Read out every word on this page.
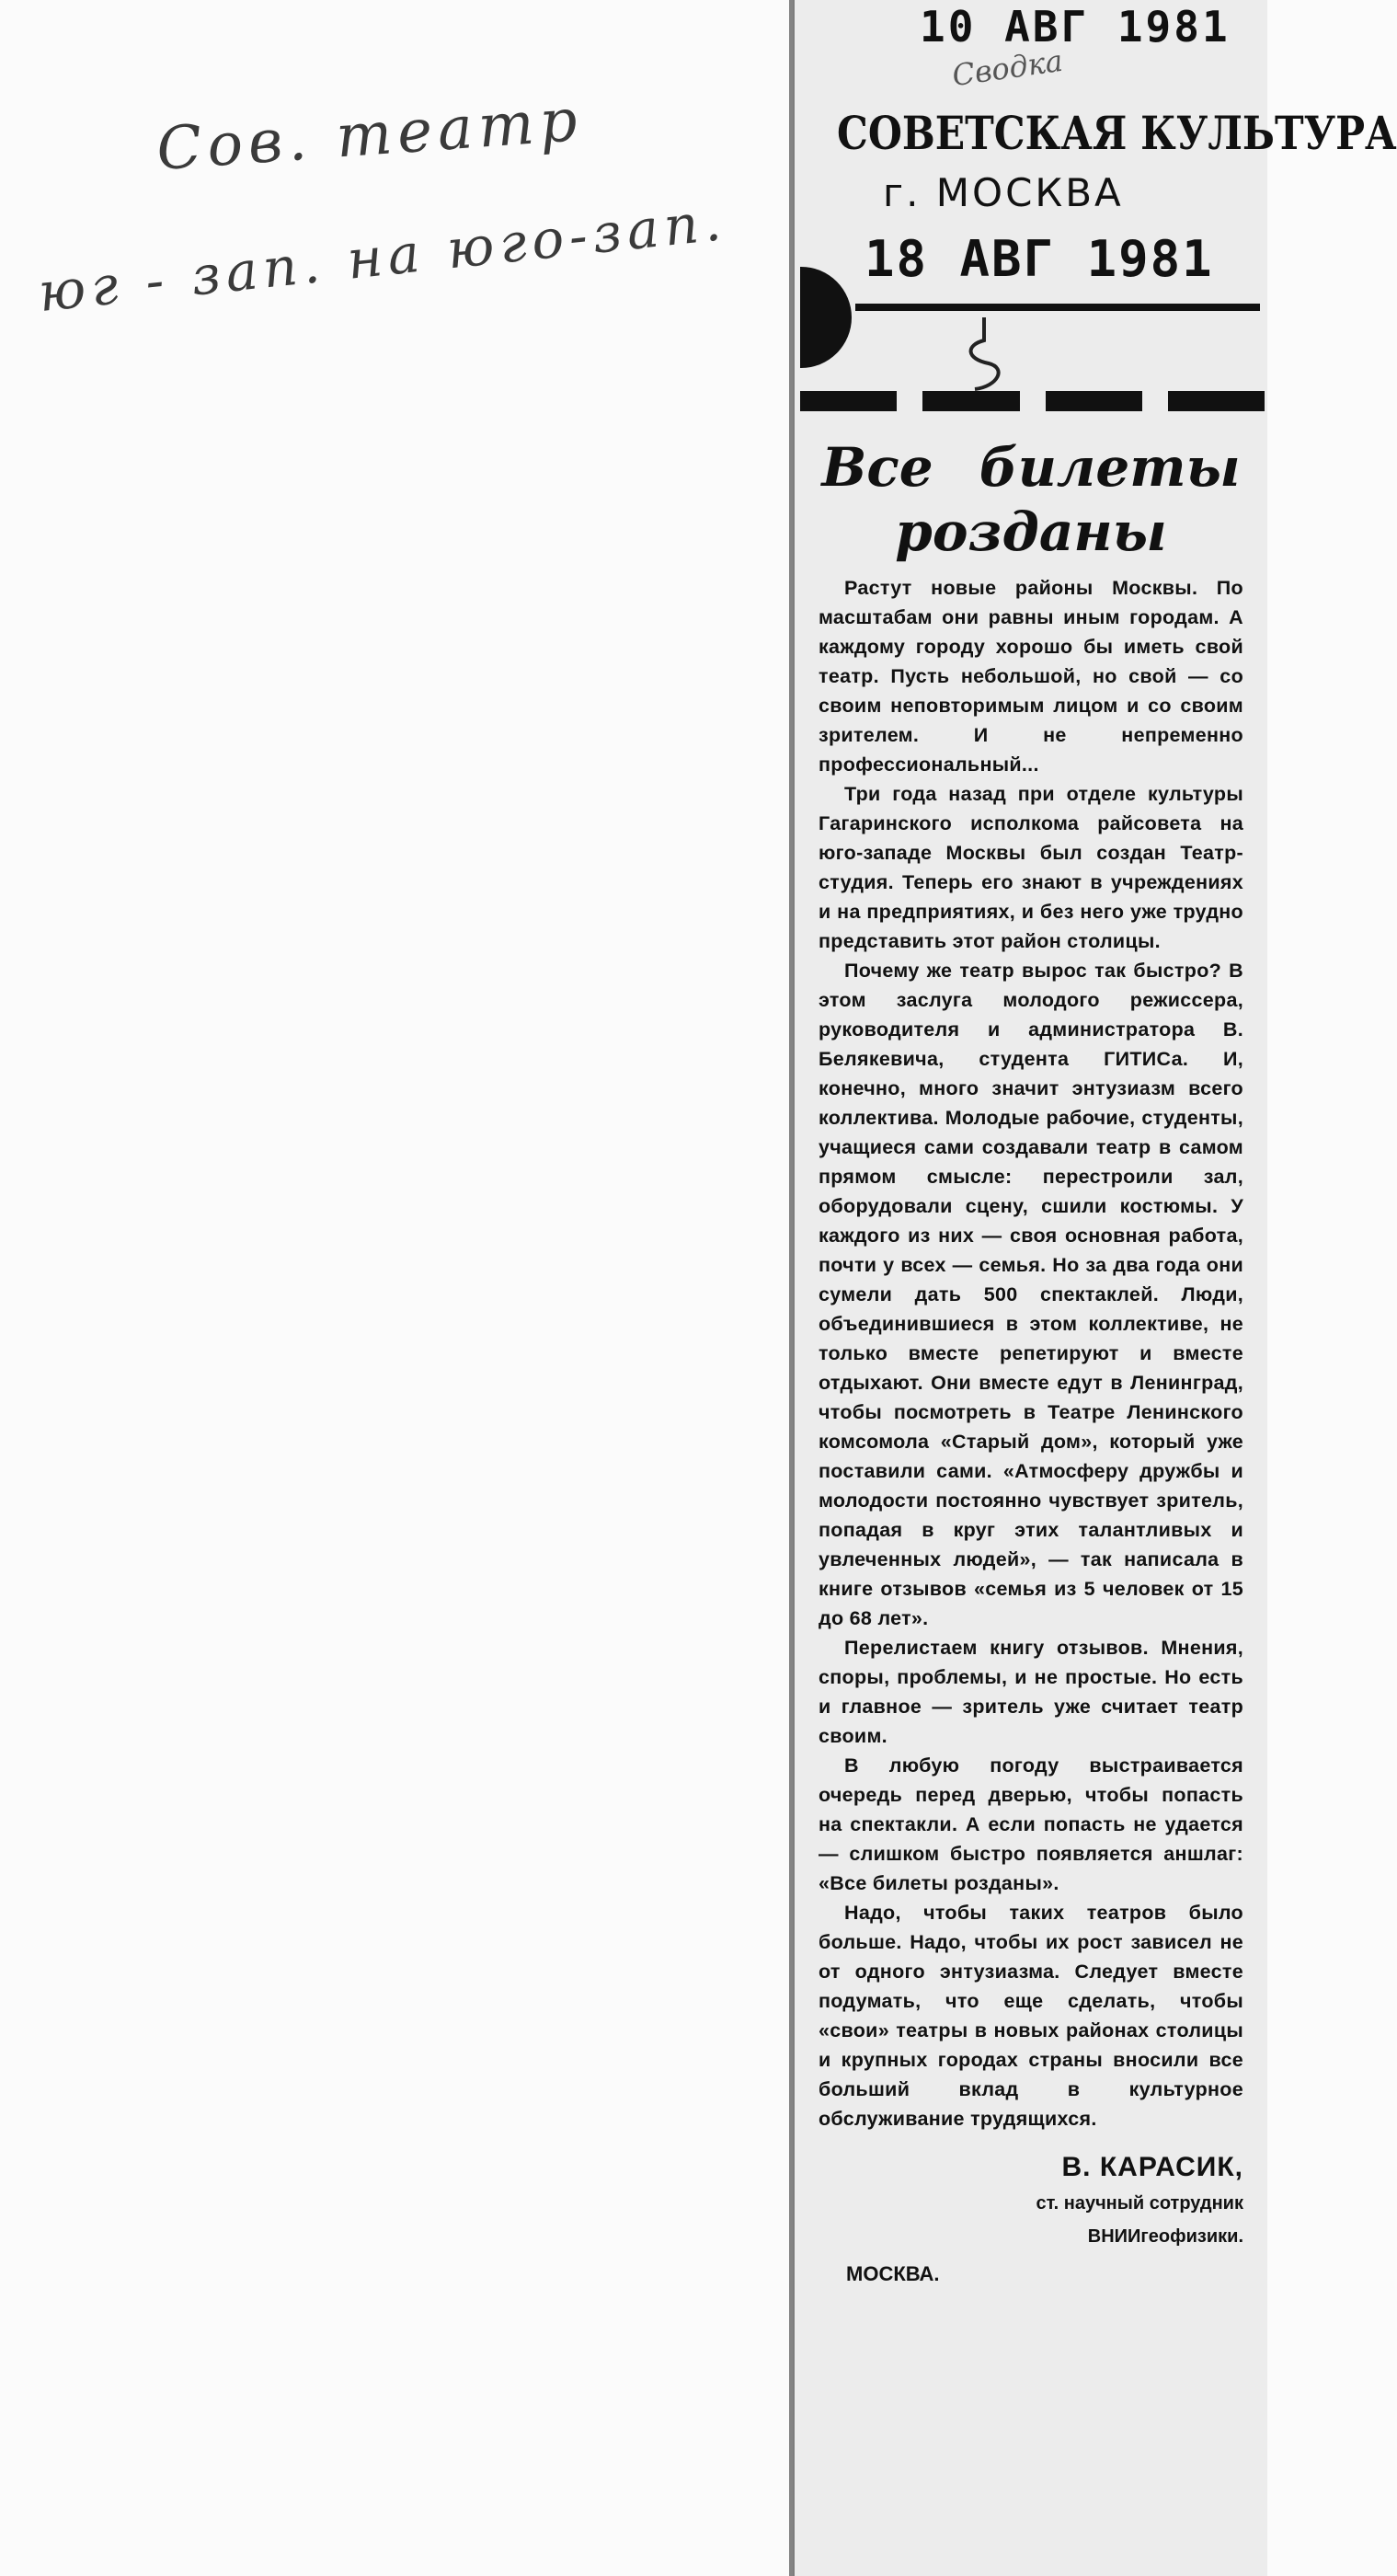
Сов. театр
юг - зап. на юго-зап.
10 АВГ 1981
Сводка
СОВЕТСКАЯ КУЛЬТУРА
г. МОСКВА
18 АВГ 1981
Все билеты розданы

Растут новые районы Москвы. По масштабам они равны иным городам. А каждому городу хорошо бы иметь свой театр. Пусть небольшой, но свой — со своим неповторимым лицом и со своим зрителем. И не непременно профессиональный...

Три года назад при отделе культуры Гагаринского исполкома райсовета на юго-западе Москвы был создан Театр-студия. Теперь его знают в учреждениях и на предприятиях, и без него уже трудно представить этот район столицы.

Почему же театр вырос так быстро? В этом заслуга молодого режиссера, руководителя и администратора В. Белякевича, студента ГИТИСа. И, конечно, много значит энтузиазм всего коллектива. Молодые рабочие, студенты, учащиеся сами создавали театр в самом прямом смысле: перестроили зал, оборудовали сцену, сшили костюмы. У каждого из них — своя основная работа, почти у всех — семья. Но за два года они сумели дать 500 спектаклей. Люди, объединившиеся в этом коллективе, не только вместе репетируют и вместе отдыхают. Они вместе едут в Ленинград, чтобы посмотреть в Театре Ленинского комсомола «Старый дом», который уже поставили сами. «Атмосферу дружбы и молодости постоянно чувствует зритель, попадая в круг этих талантливых и увлеченных людей», — так написала в книге отзывов «семья из 5 человек от 15 до 68 лет».

Перелистаем книгу отзывов. Мнения, споры, проблемы, и не простые. Но есть и главное — зритель уже считает театр своим.

В любую погоду выстраивается очередь перед дверью, чтобы попасть на спектакли. А если попасть не удается — слишком быстро появляется аншлаг: «Все билеты розданы».

Надо, чтобы таких театров было больше. Надо, чтобы их рост зависел не от одного энтузиазма. Следует вместе подумать, что еще сделать, чтобы «свои» театры в новых районах столицы и крупных городах страны вносили все больший вклад в культурное обслуживание трудящихся.

В. КАРАСИК,
ст. научный сотрудник
ВНИИгеофизики.
МОСКВА.
